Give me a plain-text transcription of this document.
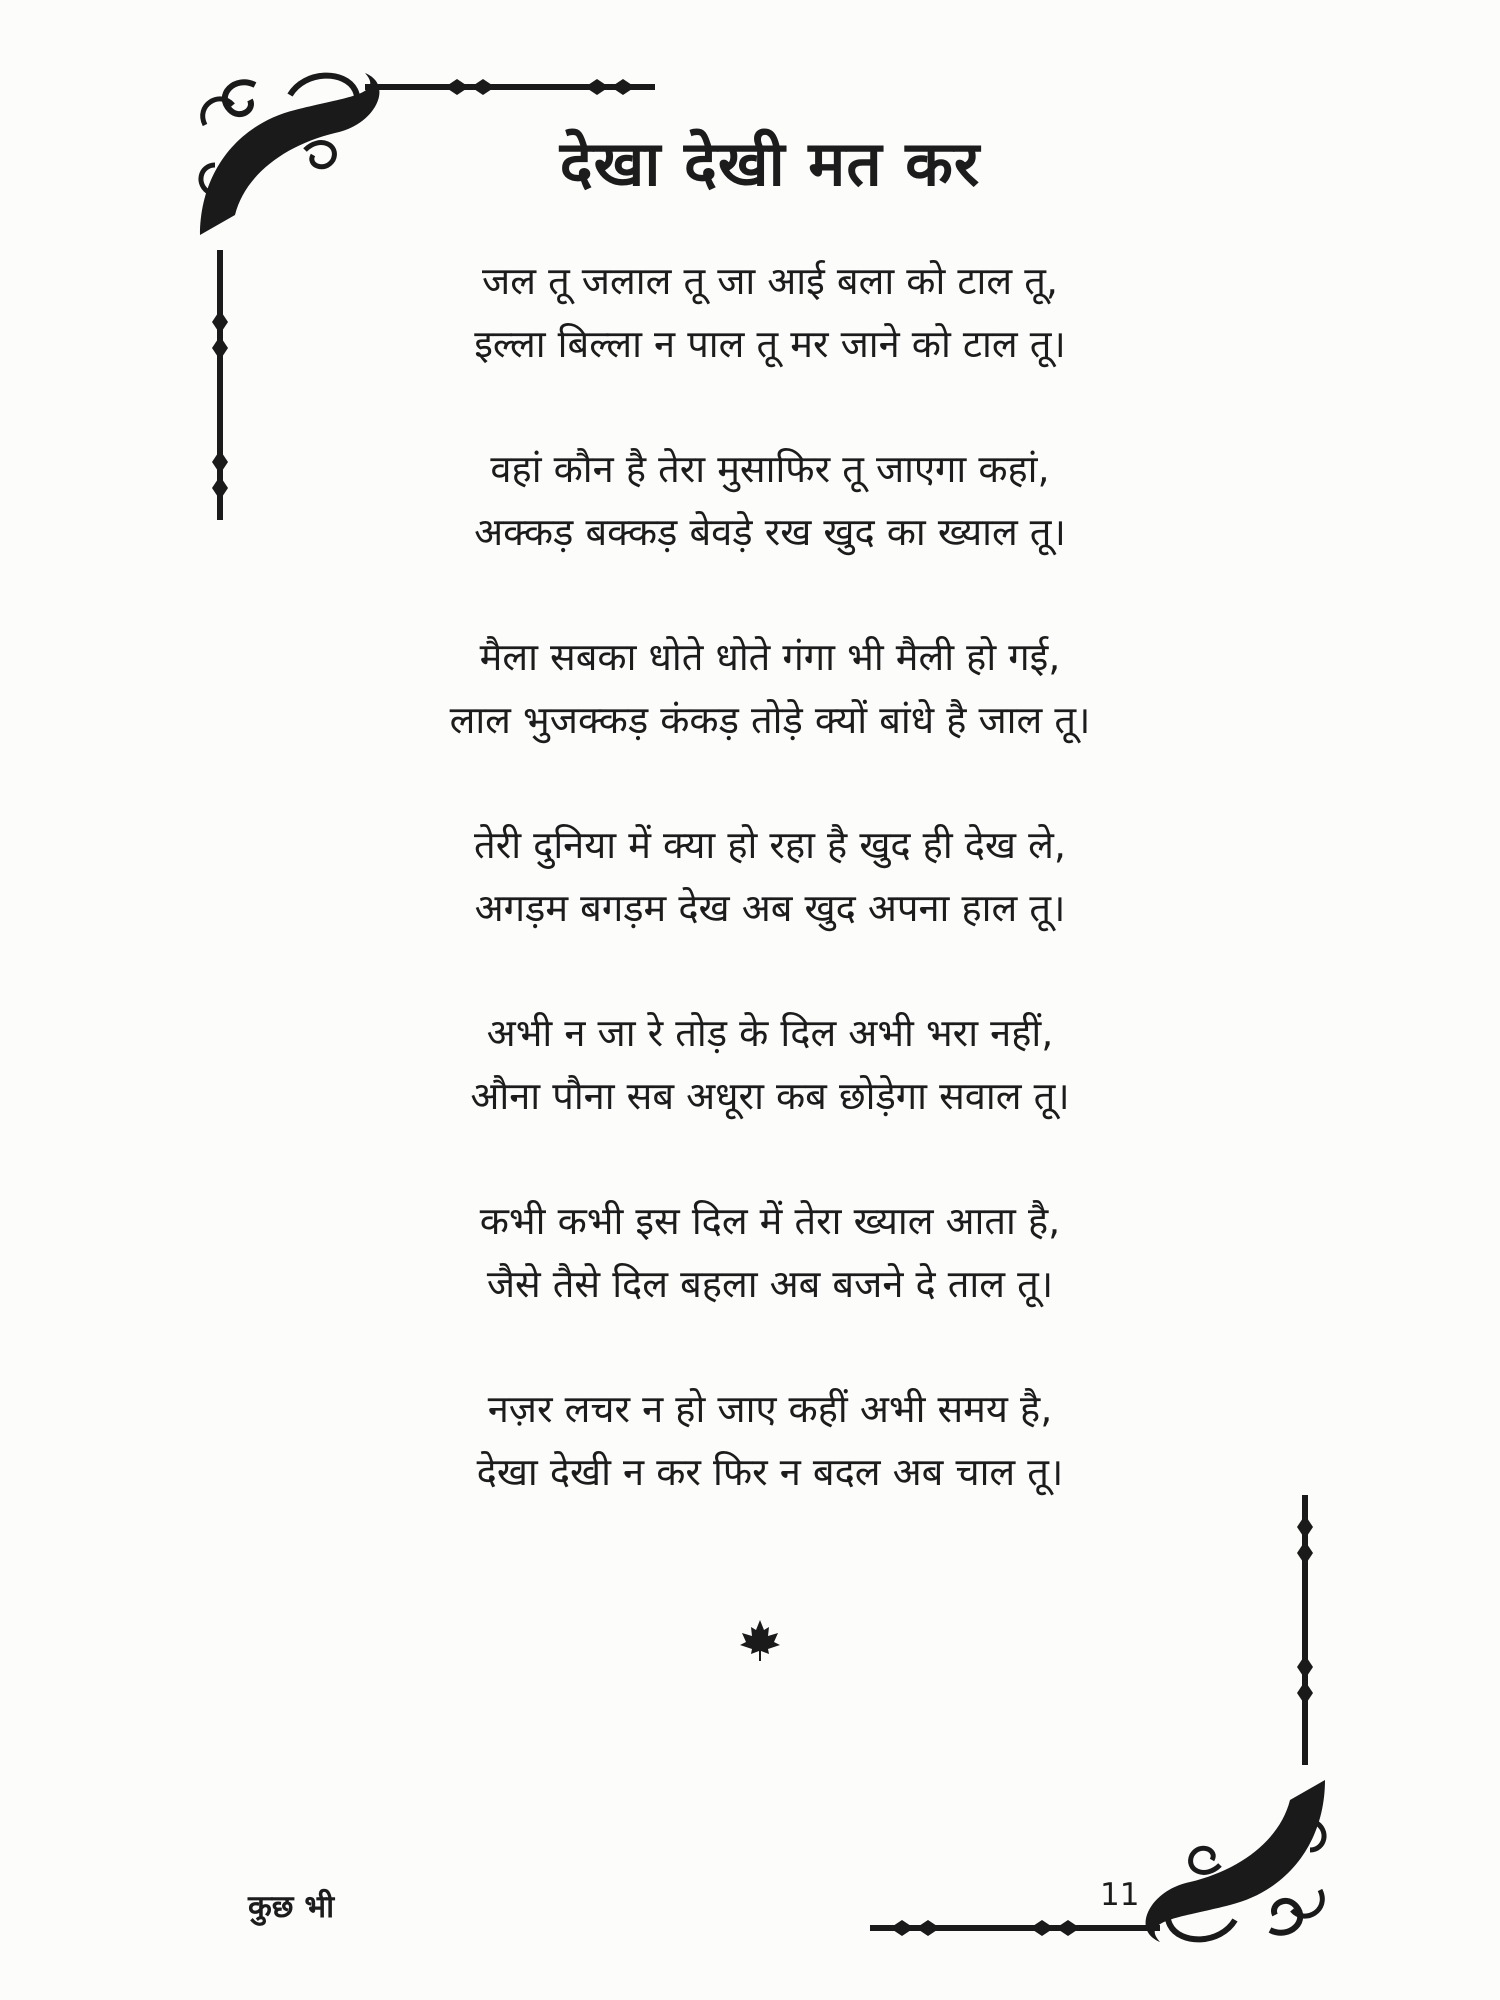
देखा देखी मत कर

जल तू जलाल तू जा आई बला को टाल तू,

इल्ला बिल्ला न पाल तू मर जाने को टाल तू।

वहां कौन है तेरा मुसाफिर तू जाएगा कहां,

अक्कड़ बक्कड़ बेवड़े रख खुद का ख्याल तू।

मैला सबका धोते धोते गंगा भी मैली हो गई,

लाल भुजक्कड़ कंकड़ तोड़े क्यों बांधे है जाल तू।

तेरी दुनिया में क्या हो रहा है खुद ही देख ले,

अगड़म बगड़म देख अब खुद अपना हाल तू।

अभी न जा रे तोड़ के दिल अभी भरा नहीं,

औना पौना सब अधूरा कब छोड़ेगा सवाल तू।

कभी कभी इस दिल में तेरा ख्याल आता है,

जैसे तैसे दिल बहला अब बजने दे ताल तू।

नज़र लचर न हो जाए कहीं अभी समय है,

देखा देखी न कर फिर न बदल अब चाल तू।

कुछ भी	11
